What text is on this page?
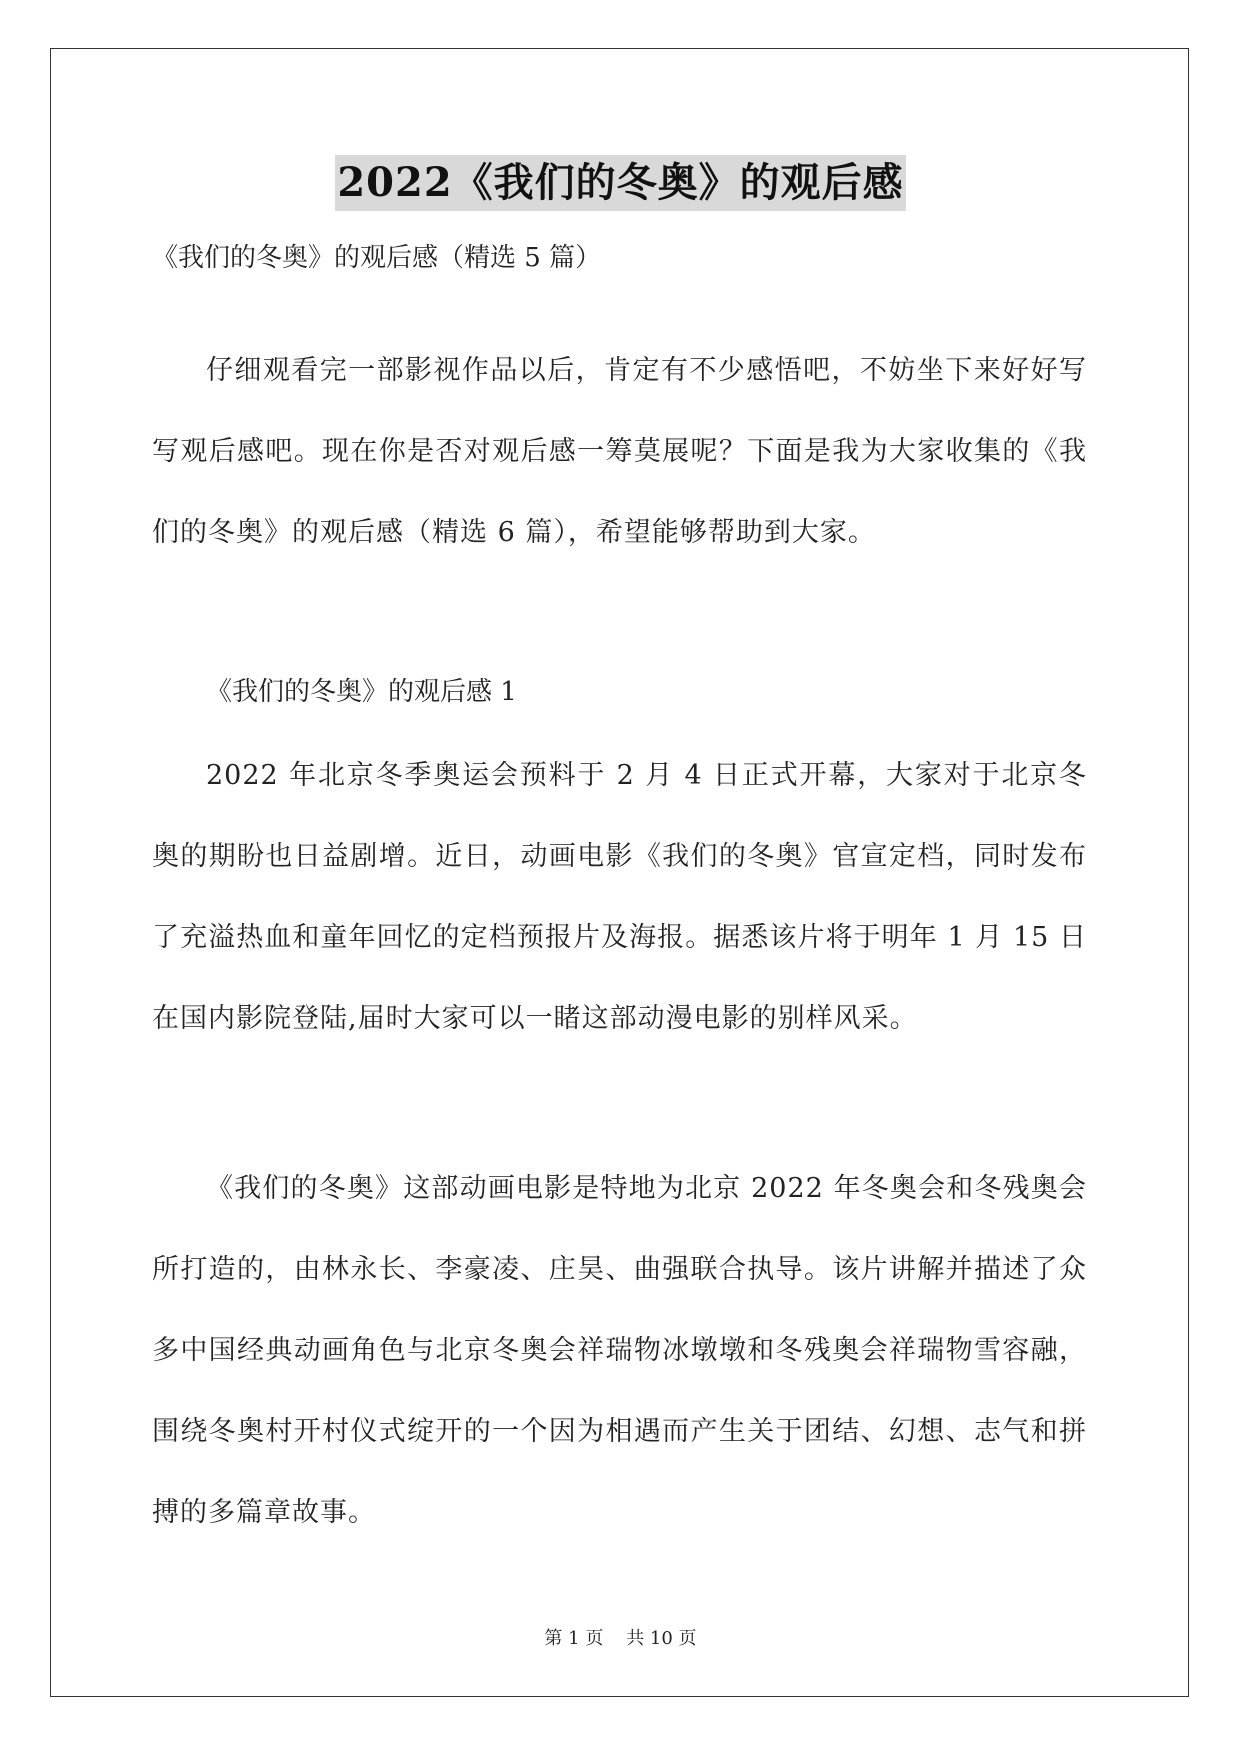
2022《我们的冬奥》的观后感
《我们的冬奥》的观后感（精选 5 篇）

仔细观看完一部影视作品以后，肯定有不少感悟吧，不妨坐下来好好写写观后感吧。现在你是否对观后感一筹莫展呢？下面是我为大家收集的《我们的冬奥》的观后感（精选 6 篇），希望能够帮助到大家。

《我们的冬奥》的观后感 1

2022 年北京冬季奥运会预料于 2 月 4 日正式开幕，大家对于北京冬奥的期盼也日益剧增。近日，动画电影《我们的冬奥》官宣定档，同时发布了充溢热血和童年回忆的定档预报片及海报。据悉该片将于明年 1 月 15 日在国内影院登陆,届时大家可以一睹这部动漫电影的别样风采。

《我们的冬奥》这部动画电影是特地为北京 2022 年冬奥会和冬残奥会所打造的，由林永长、李豪凌、庄昊、曲强联合执导。该片讲解并描述了众多中国经典动画角色与北京冬奥会祥瑞物冰墩墩和冬残奥会祥瑞物雪容融，围绕冬奥村开村仪式绽开的一个因为相遇而产生关于团结、幻想、志气和拼搏的多篇章故事。

第 1 页    共 10 页
